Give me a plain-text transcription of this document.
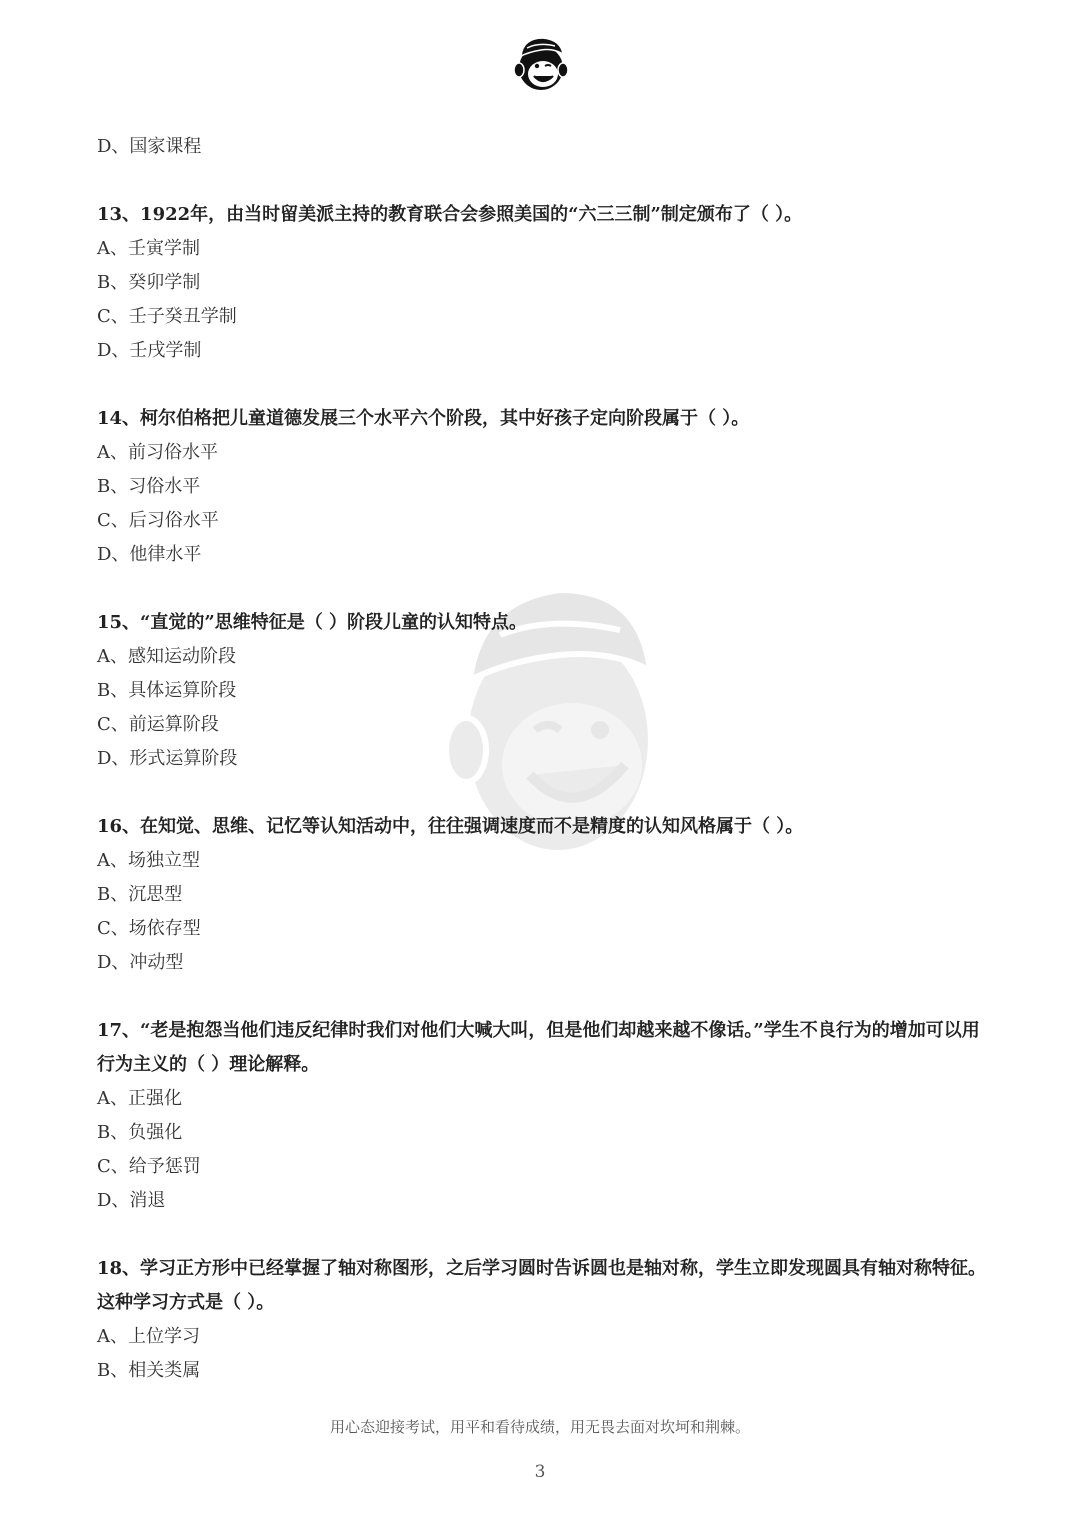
D、国家课程
13、1922年，由当时留美派主持的教育联合会参照美国的“六三三制”制定颁布了（ ）。
A、壬寅学制
B、癸卯学制
C、壬子癸丑学制
D、壬戌学制
14、柯尔伯格把儿童道德发展三个水平六个阶段，其中好孩子定向阶段属于（ ）。
A、前习俗水平
B、习俗水平
C、后习俗水平
D、他律水平
15、“直觉的”思维特征是（ ）阶段儿童的认知特点。
A、感知运动阶段
B、具体运算阶段
C、前运算阶段
D、形式运算阶段
16、在知觉、思维、记忆等认知活动中，往往强调速度而不是精度的认知风格属于（ ）。
A、场独立型
B、沉思型
C、场依存型
D、冲动型
17、“老是抱怨当他们违反纪律时我们对他们大喊大叫，但是他们却越来越不像话。”学生不良行为的增加可以用行为主义的（ ）理论解释。
A、正强化
B、负强化
C、给予惩罚
D、消退
18、学习正方形中已经掌握了轴对称图形，之后学习圆时告诉圆也是轴对称，学生立即发现圆具有轴对称特征。这种学习方式是（ ）。
A、上位学习
B、相关类属
用心态迎接考试，用平和看待成绩，用无畏去面对坎坷和荆棘。
3
